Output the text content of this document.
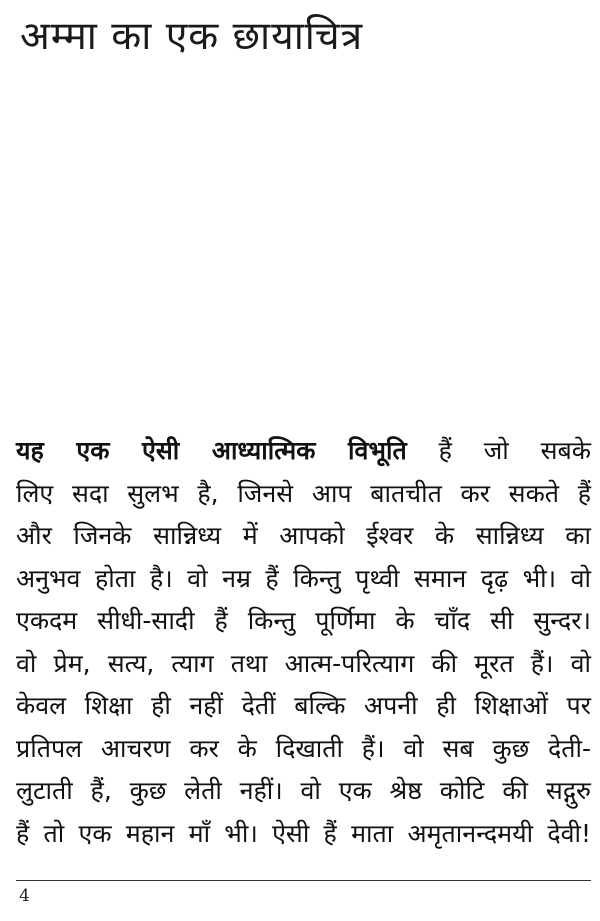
अम्मा का एक छायाचित्र
यह एक ऐसी आध्यात्मिक विभूति हैं जो सबके
लिए सदा सुलभ है, जिनसे आप बातचीत कर सकते हैं
और जिनके सान्निध्य में आपको ईश्वर के सान्निध्य का
अनुभव होता है। वो नम्र हैं किन्तु पृथ्वी समान दृढ़ भी। वो
एकदम सीधी-सादी हैं किन्तु पूर्णिमा के चाँद सी सुन्दर।
वो प्रेम, सत्य, त्याग तथा आत्म-परित्याग की मूरत हैं। वो
केवल शिक्षा ही नहीं देतीं बल्कि अपनी ही शिक्षाओं पर
प्रतिपल आचरण कर के दिखाती हैं। वो सब कुछ देती-
लुटाती हैं, कुछ लेती नहीं। वो एक श्रेष्ठ कोटि की सद्गुरु
हैं तो एक महान माँ भी। ऐसी हैं माता अमृतानन्दमयी देवी!
4
